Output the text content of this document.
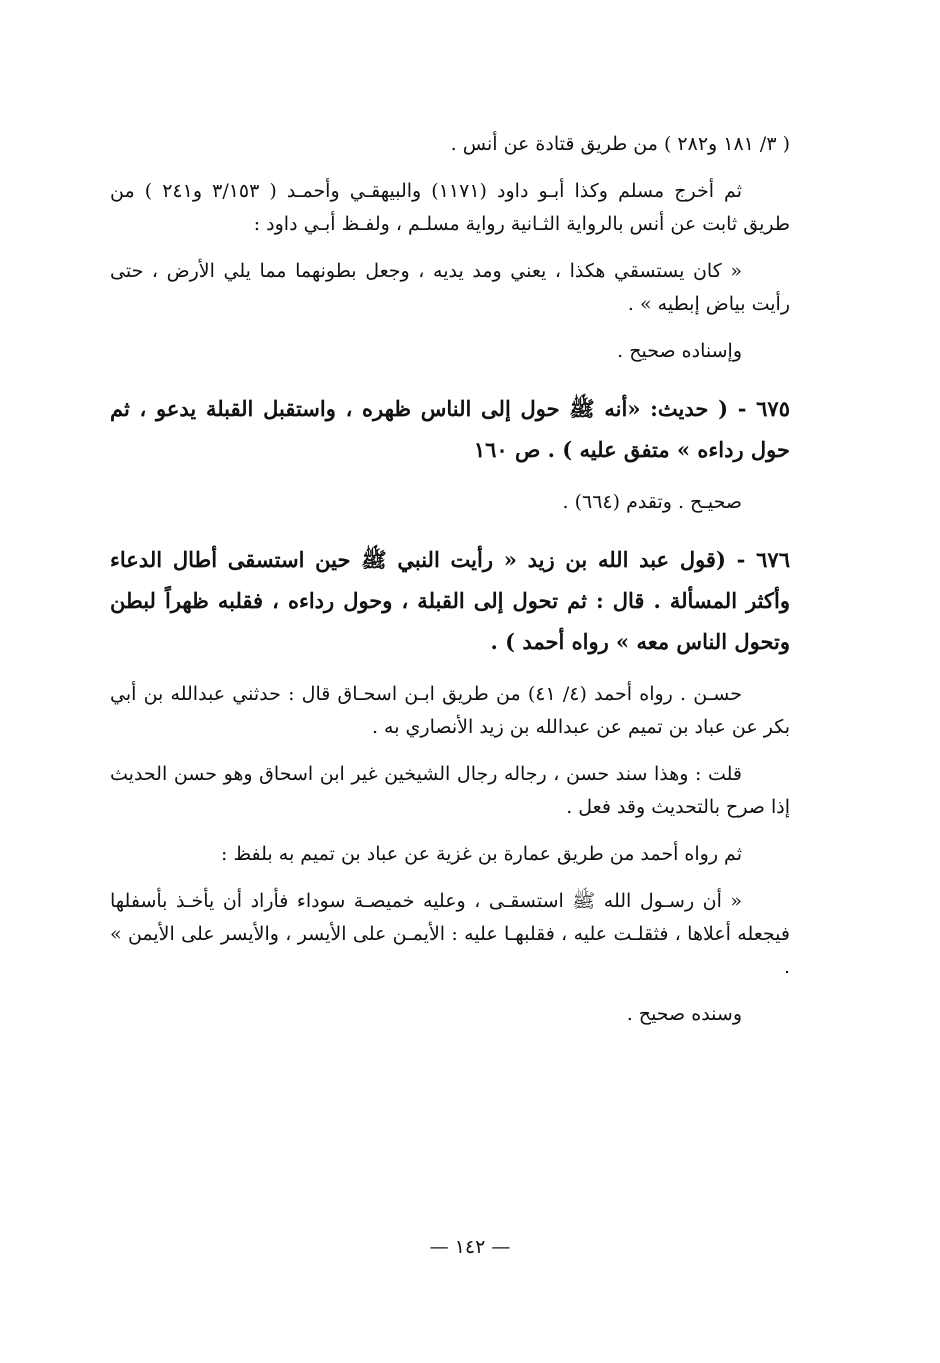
( ٣/ ١٨١ و٢٨٢ ) من طريق قتادة عن أنس .

ثم أخرج مسلم وكذا أبـو داود (١١٧١) والبيهقـي وأحمـد ( ٣/١٥٣ و٢٤١ ) من طريق ثابت عن أنس بالرواية الثـانية رواية مسلـم ، ولفـظ أبـي داود :

« كان يستسقي هكذا ، يعني ومد يديه ، وجعل بطونهما مما يلي الأرض ، حتى رأيت بياض إبطيه » .

وإسناده صحيح .

٦٧٥ - ( حديث: «أنه ﷺ حول إلى الناس ظهره ، واستقبل القبلة يدعو ، ثم حول رداءه » متفق عليه ) . ص ١٦٠

صحيـح . وتقدم (٦٦٤) .

٦٧٦ - (قول عبد الله بن زيد « رأيت النبي ﷺ حين استسقى أطال الدعاء وأكثر المسألة . قال : ثم تحول إلى القبلة ، وحول رداءه ، فقلبه ظهراً لبطن وتحول الناس معه » رواه أحمد ) .

حسـن . رواه أحمد (٤/ ٤١) من طريق ابـن اسحـاق قال : حدثني عبدالله بن أبي بكر عن عباد بن تميم عن عبدالله بن زيد الأنصاري به .

قلت : وهذا سند حسن ، رجاله رجال الشيخين غير ابن اسحاق وهو حسن الحديث إذا صرح بالتحديث وقد فعل .

ثم رواه أحمد من طريق عمارة بن غزية عن عباد بن تميم به بلفظ :

« أن رسـول الله ﷺ استسقـى ، وعليه خميصـة سوداء فأراد أن يأخـذ بأسفلها فيجعله أعلاها ، فثقلـت عليه ، فقلبهـا عليه : الأيمـن على الأيسر ، والأيسر على الأيمن » .

وسنده صحيح .

— ١٤٢ —
